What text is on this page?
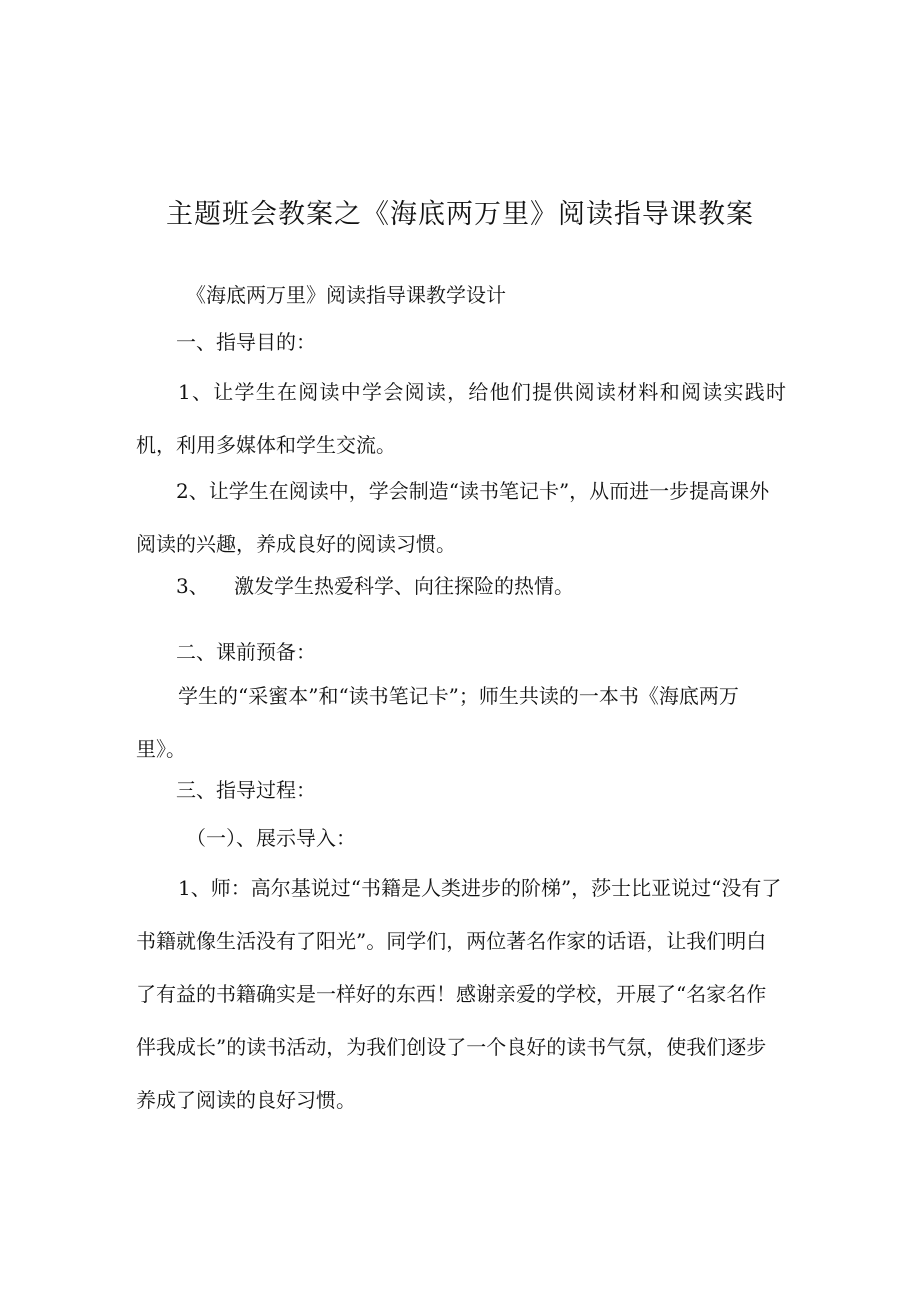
主题班会教案之《海底两万里》阅读指导课教案
《海底两万里》阅读指导课教学设计
一、指导目的：
1、让学生在阅读中学会阅读，给他们提供阅读材料和阅读实践时机，利用多媒体和学生交流。
2、让学生在阅读中，学会制造“读书笔记卡”，从而进一步提高课外阅读的兴趣，养成良好的阅读习惯。
3、 激发学生热爱科学、向往探险的热情。
二、课前预备：
学生的“采蜜本”和“读书笔记卡”；师生共读的一本书《海底两万里》。
三、指导过程：
（一）、展示导入：
1、师：高尔基说过“书籍是人类进步的阶梯”，莎士比亚说过“没有了书籍就像生活没有了阳光”。同学们，两位著名作家的话语，让我们明白了有益的书籍确实是一样好的东西！感谢亲爱的学校，开展了“名家名作伴我成长”的读书活动，为我们创设了一个良好的读书气氛，使我们逐步养成了阅读的良好习惯。
